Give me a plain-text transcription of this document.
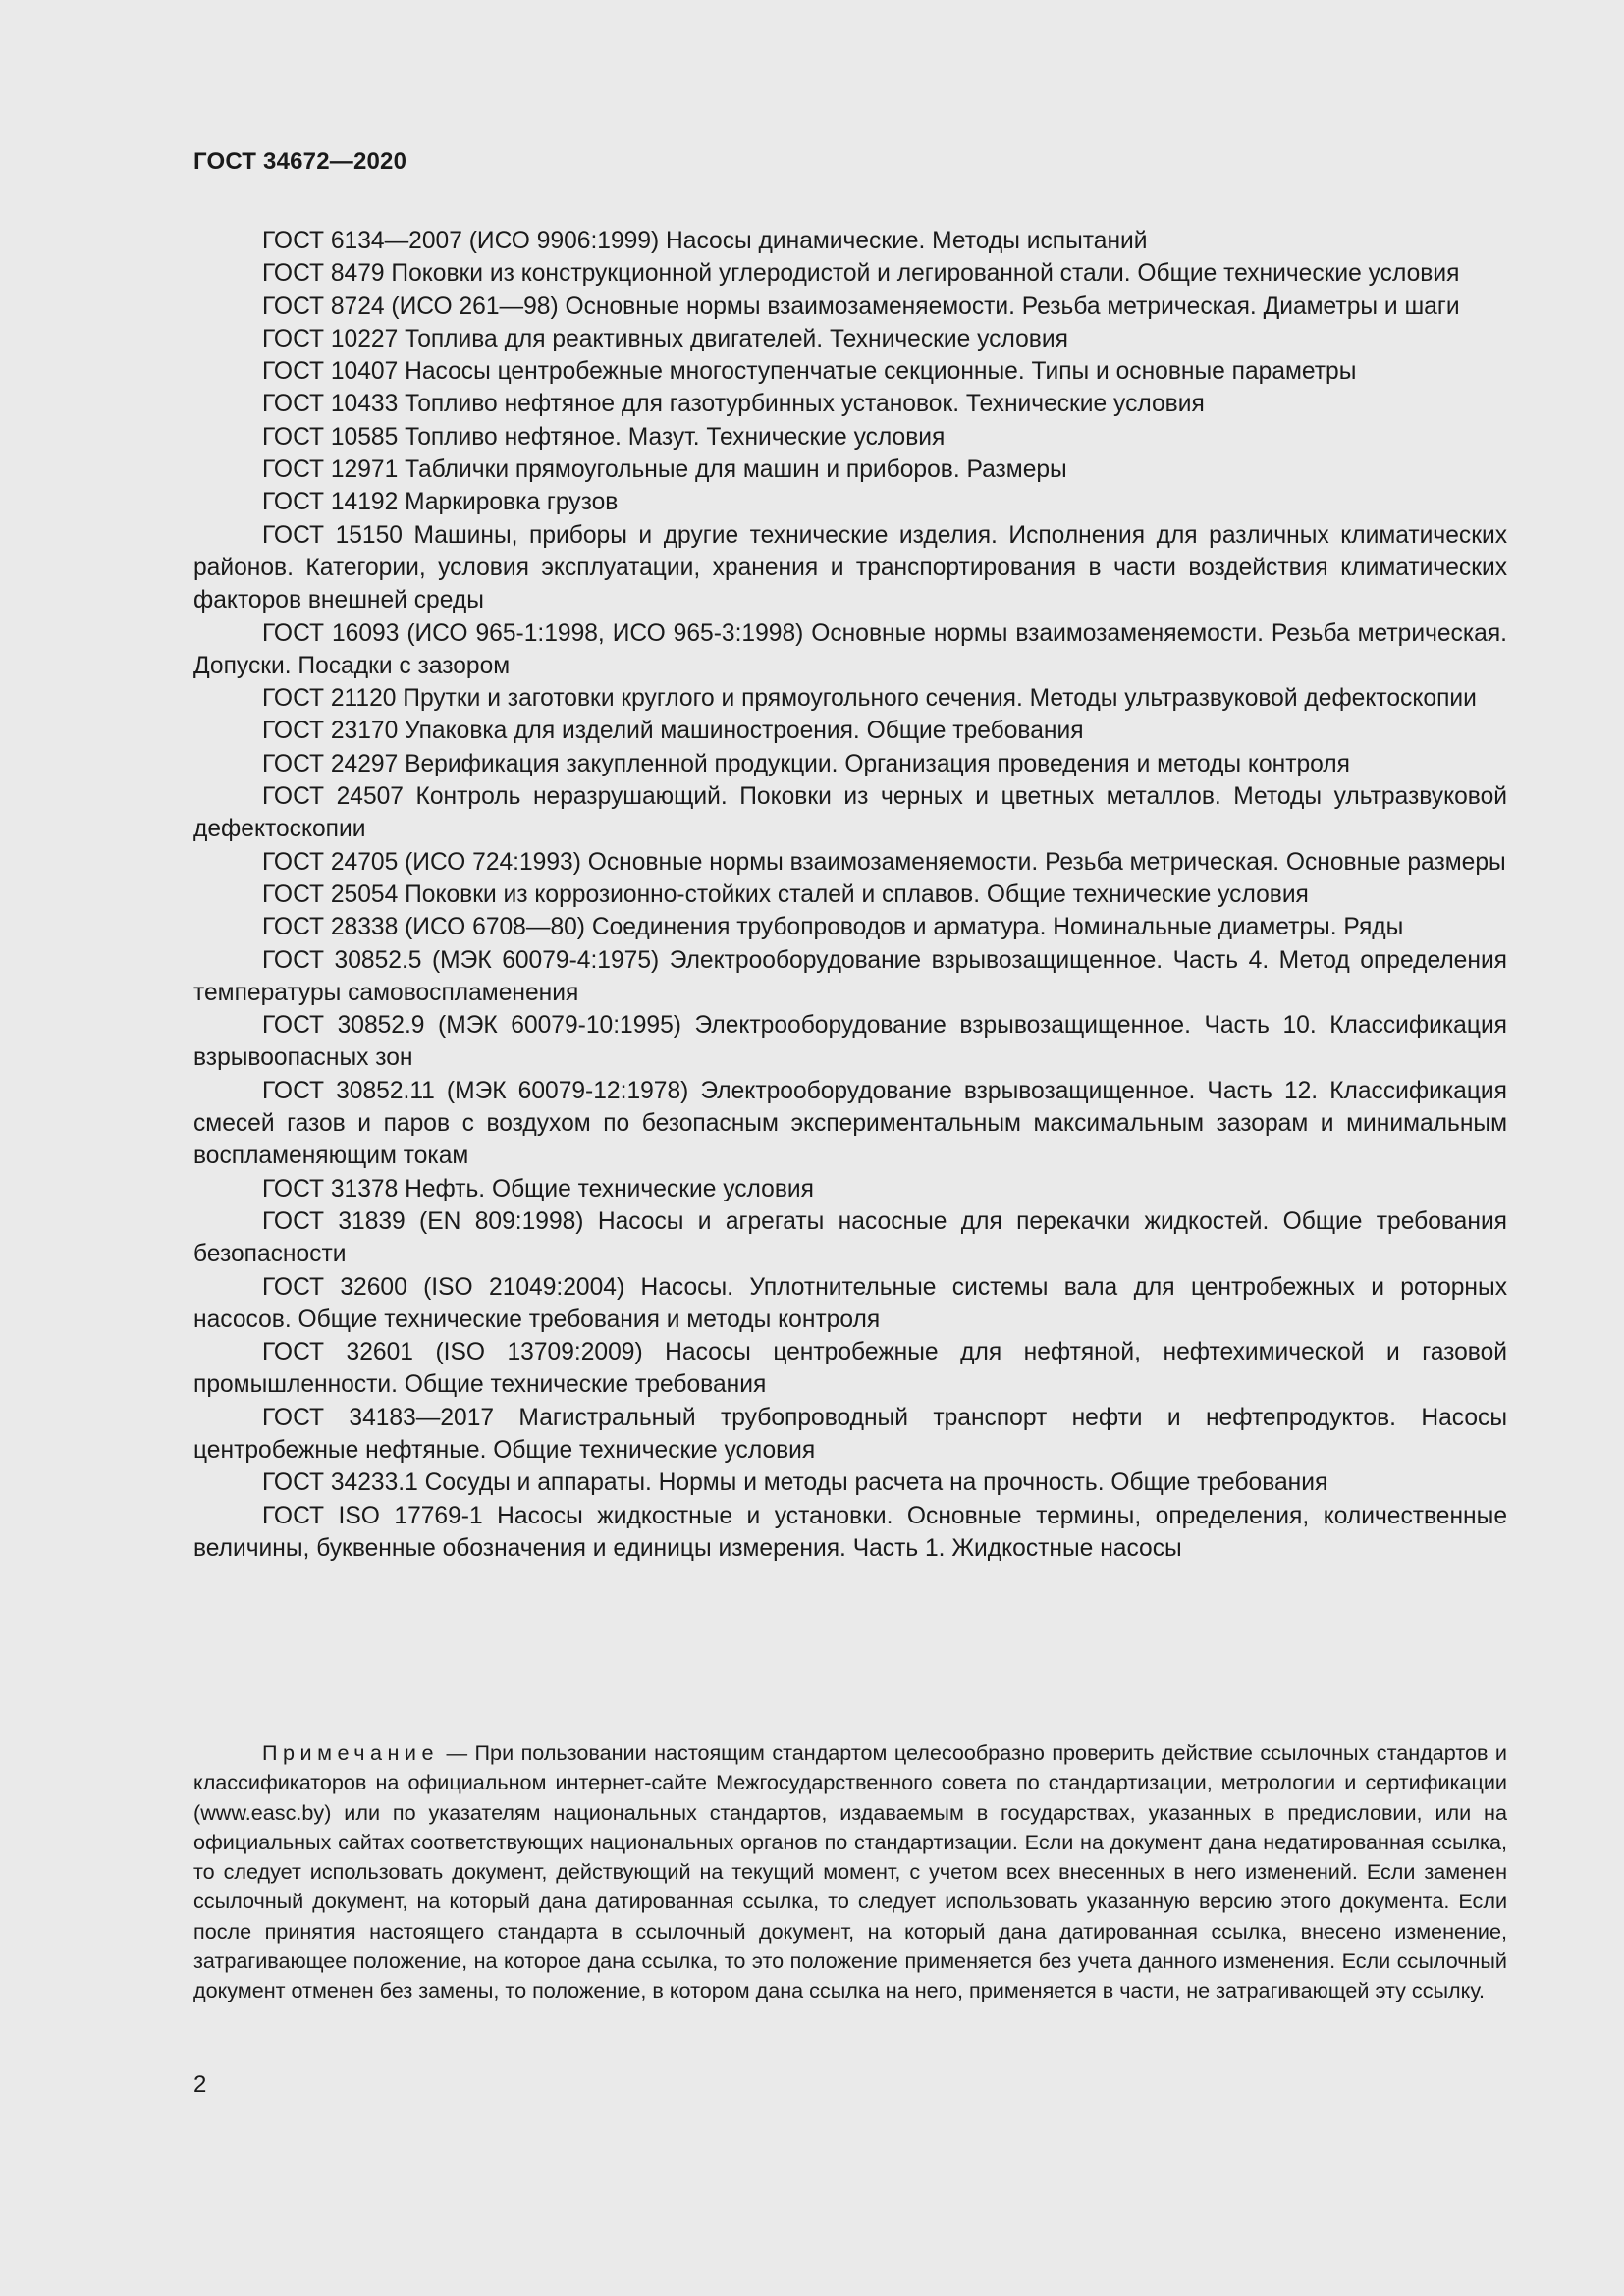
ГОСТ 34672—2020

ГОСТ 6134—2007 (ИСО 9906:1999) Насосы динамические. Методы испытаний

ГОСТ 8479 Поковки из конструкционной углеродистой и легированной стали. Общие технические условия

ГОСТ 8724 (ИСО 261—98) Основные нормы взаимозаменяемости. Резьба метрическая. Диаметры и шаги

ГОСТ 10227 Топлива для реактивных двигателей. Технические условия

ГОСТ 10407 Насосы центробежные многоступенчатые секционные. Типы и основные параметры

ГОСТ 10433 Топливо нефтяное для газотурбинных установок. Технические условия

ГОСТ 10585 Топливо нефтяное. Мазут. Технические условия

ГОСТ 12971 Таблички прямоугольные для машин и приборов. Размеры

ГОСТ 14192 Маркировка грузов

ГОСТ 15150 Машины, приборы и другие технические изделия. Исполнения для различных климатических районов. Категории, условия эксплуатации, хранения и транспортирования в части воздействия климатических факторов внешней среды

ГОСТ 16093 (ИСО 965-1:1998, ИСО 965-3:1998) Основные нормы взаимозаменяемости. Резьба метрическая. Допуски. Посадки с зазором

ГОСТ 21120 Прутки и заготовки круглого и прямоугольного сечения. Методы ультразвуковой дефектоскопии

ГОСТ 23170 Упаковка для изделий машиностроения. Общие требования

ГОСТ 24297 Верификация закупленной продукции. Организация проведения и методы контроля

ГОСТ 24507 Контроль неразрушающий. Поковки из черных и цветных металлов. Методы ультразвуковой дефектоскопии

ГОСТ 24705 (ИСО 724:1993) Основные нормы взаимозаменяемости. Резьба метрическая. Основные размеры

ГОСТ 25054 Поковки из коррозионно-стойких сталей и сплавов. Общие технические условия

ГОСТ 28338 (ИСО 6708—80) Соединения трубопроводов и арматура. Номинальные диаметры. Ряды

ГОСТ 30852.5 (МЭК 60079-4:1975) Электрооборудование взрывозащищенное. Часть 4. Метод определения температуры самовоспламенения

ГОСТ 30852.9 (МЭК 60079-10:1995) Электрооборудование взрывозащищенное. Часть 10. Классификация взрывоопасных зон

ГОСТ 30852.11 (МЭК 60079-12:1978) Электрооборудование взрывозащищенное. Часть 12. Классификация смесей газов и паров с воздухом по безопасным экспериментальным максимальным зазорам и минимальным воспламеняющим токам

ГОСТ 31378 Нефть. Общие технические условия

ГОСТ 31839 (EN 809:1998) Насосы и агрегаты насосные для перекачки жидкостей. Общие требования безопасности

ГОСТ 32600 (ISO 21049:2004) Насосы. Уплотнительные системы вала для центробежных и роторных насосов. Общие технические требования и методы контроля

ГОСТ 32601 (ISO 13709:2009) Насосы центробежные для нефтяной, нефтехимической и газовой промышленности. Общие технические требования

ГОСТ 34183—2017 Магистральный трубопроводный транспорт нефти и нефтепродуктов. Насосы центробежные нефтяные. Общие технические условия

ГОСТ 34233.1 Сосуды и аппараты. Нормы и методы расчета на прочность. Общие требования

ГОСТ ISO 17769-1 Насосы жидкостные и установки. Основные термины, определения, количественные величины, буквенные обозначения и единицы измерения. Часть 1. Жидкостные насосы

Примечание — При пользовании настоящим стандартом целесообразно проверить действие ссылочных стандартов и классификаторов на официальном интернет-сайте Межгосударственного совета по стандартизации, метрологии и сертификации (www.easc.by) или по указателям национальных стандартов, издаваемым в государствах, указанных в предисловии, или на официальных сайтах соответствующих национальных органов по стандартизации. Если на документ дана недатированная ссылка, то следует использовать документ, действующий на текущий момент, с учетом всех внесенных в него изменений. Если заменен ссылочный документ, на который дана датированная ссылка, то следует использовать указанную версию этого документа. Если после принятия настоящего стандарта в ссылочный документ, на который дана датированная ссылка, внесено изменение, затрагивающее положение, на которое дана ссылка, то это положение применяется без учета данного изменения. Если ссылочный документ отменен без замены, то положение, в котором дана ссылка на него, применяется в части, не затрагивающей эту ссылку.

2
